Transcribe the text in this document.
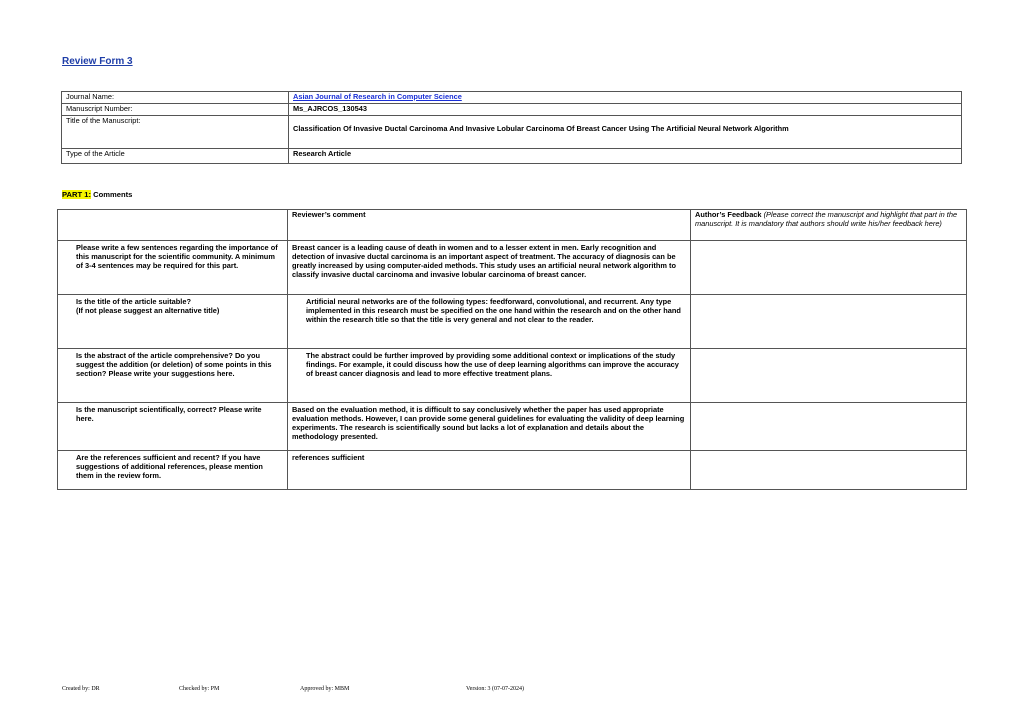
Review Form 3
Journal Name:	Asian Journal of Research in Computer Science
Manuscript Number:	Ms_AJRCOS_130543
Title of the Manuscript:	Classification Of Invasive Ductal Carcinoma And Invasive Lobular Carcinoma Of Breast Cancer Using The Artificial Neural Network Algorithm
Type of the Article	Research Article
PART 1: Comments
	Reviewer’s comment	Author’s Feedback (Please correct the manuscript and highlight that part in the manuscript. It is mandatory that authors should write his/her feedback here)
Please write a few sentences regarding the importance of this manuscript for the scientific community. A minimum of 3-4 sentences may be required for this part.	Breast cancer is a leading cause of death in women and to a lesser extent in men. Early recognition and detection of invasive ductal carcinoma is an important aspect of treatment. The accuracy of diagnosis can be greatly increased by using computer-aided methods. This study uses an artificial neural network algorithm to classify invasive ductal carcinoma and invasive lobular carcinoma of breast cancer.	
Is the title of the article suitable?
(If not please suggest an alternative title)	Artificial neural networks are of the following types: feedforward, convolutional, and recurrent. Any type implemented in this research must be specified on the one hand within the research and on the other hand within the research title so that the title is very general and not clear to the reader.	
Is the abstract of the article comprehensive? Do you suggest the addition (or deletion) of some points in this section? Please write your suggestions here.	The abstract could be further improved by providing some additional context or implications of the study findings. For example, it could discuss how the use of deep learning algorithms can improve the accuracy of breast cancer diagnosis and lead to more effective treatment plans.	
Is the manuscript scientifically, correct? Please write here.	Based on the evaluation method, it is difficult to say conclusively whether the paper has used appropriate evaluation methods. However, I can provide some general guidelines for evaluating the validity of deep learning experiments. The research is scientifically sound but lacks a lot of explanation and details about the methodology presented.	
Are the references sufficient and recent? If you have suggestions of additional references, please mention them in the review form.	references sufficient	
Created by: DR	Checked by: PM	Approved by: MBM	Version: 3 (07-07-2024)
